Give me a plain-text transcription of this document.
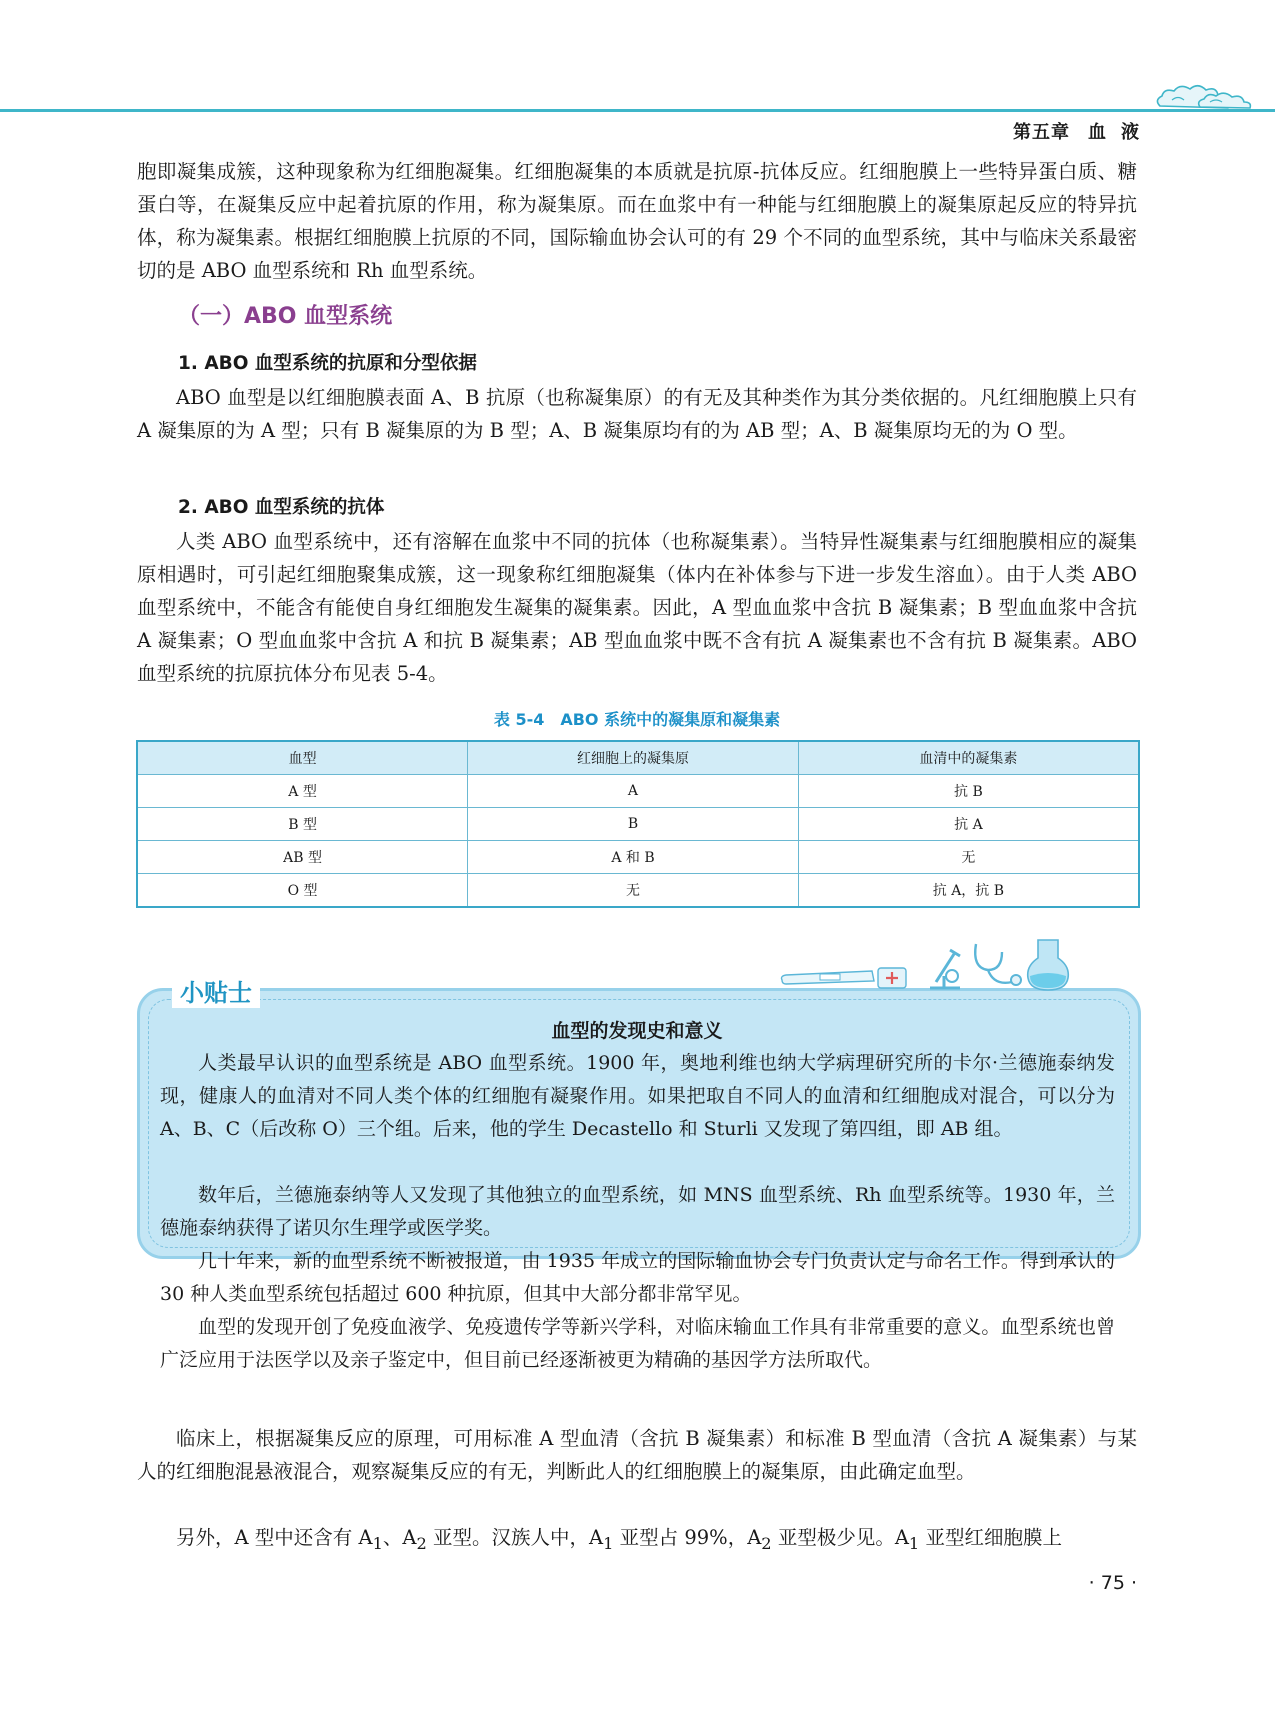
第五章 血 液

胞即凝集成簇，这种现象称为红细胞凝集。红细胞凝集的本质就是抗原-抗体反应。红细胞膜上一些特异蛋白质、糖蛋白等，在凝集反应中起着抗原的作用，称为凝集原。而在血浆中有一种能与红细胞膜上的凝集原起反应的特异抗体，称为凝集素。根据红细胞膜上抗原的不同，国际输血协会认可的有 29 个不同的血型系统，其中与临床关系最密切的是 ABO 血型系统和 Rh 血型系统。

（一）ABO 血型系统
1. ABO 血型系统的抗原和分型依据

ABO 血型是以红细胞膜表面 A、B 抗原（也称凝集原）的有无及其种类作为其分类依据的。凡红细胞膜上只有 A 凝集原的为 A 型；只有 B 凝集原的为 B 型；A、B 凝集原均有的为 AB 型；A、B 凝集原均无的为 O 型。

2. ABO 血型系统的抗体

人类 ABO 血型系统中，还有溶解在血浆中不同的抗体（也称凝集素）。当特异性凝集素与红细胞膜相应的凝集原相遇时，可引起红细胞聚集成簇，这一现象称红细胞凝集（体内在补体参与下进一步发生溶血）。由于人类 ABO 血型系统中，不能含有能使自身红细胞发生凝集的凝集素。因此，A 型血血浆中含抗 B 凝集素；B 型血血浆中含抗 A 凝集素；O 型血血浆中含抗 A 和抗 B 凝集素；AB 型血血浆中既不含有抗 A 凝集素也不含有抗 B 凝集素。ABO 血型系统的抗原抗体分布见表 5-4。

表 5-4　ABO 系统中的凝集原和凝集素
血型	红细胞上的凝集原	血清中的凝集素
A 型	A	抗 B
B 型	B	抗 A
AB 型	A 和 B	无
O 型	无	抗 A，抗 B
小贴士
血型的发现史和意义

人类最早认识的血型系统是 ABO 血型系统。1900 年，奥地利维也纳大学病理研究所的卡尔·兰德施泰纳发现，健康人的血清对不同人类个体的红细胞有凝聚作用。如果把取自不同人的血清和红细胞成对混合，可以分为 A、B、C（后改称 O）三个组。后来，他的学生 Decastello 和 Sturli 又发现了第四组，即 AB 组。

数年后，兰德施泰纳等人又发现了其他独立的血型系统，如 MNS 血型系统、Rh 血型系统等。1930 年，兰德施泰纳获得了诺贝尔生理学或医学奖。

几十年来，新的血型系统不断被报道，由 1935 年成立的国际输血协会专门负责认定与命名工作。得到承认的 30 种人类血型系统包括超过 600 种抗原，但其中大部分都非常罕见。

血型的发现开创了免疫血液学、免疫遗传学等新兴学科，对临床输血工作具有非常重要的意义。血型系统也曾广泛应用于法医学以及亲子鉴定中，但目前已经逐渐被更为精确的基因学方法所取代。

临床上，根据凝集反应的原理，可用标准 A 型血清（含抗 B 凝集素）和标准 B 型血清（含抗 A 凝集素）与某人的红细胞混悬液混合，观察凝集反应的有无，判断此人的红细胞膜上的凝集原，由此确定血型。

另外，A 型中还含有 $A_1$、$A_2$ 亚型。汉族人中，$A_1$ 亚型占 99%，$A_2$ 亚型极少见。$A_1$ 亚型红细胞膜上

· 75 ·
